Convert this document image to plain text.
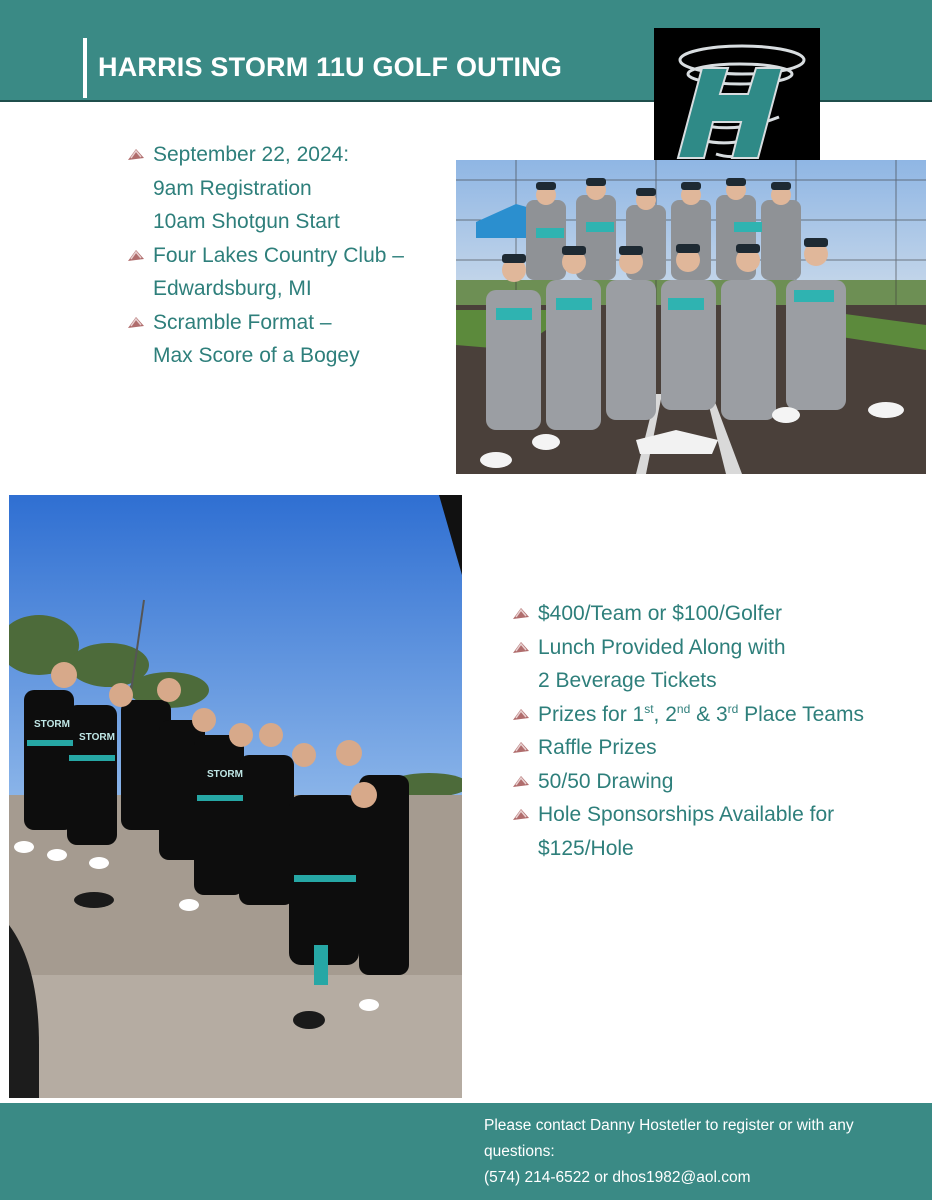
HARRIS STORM 11U GOLF OUTING
September 22, 2024:
9am Registration
10am Shotgun Start
Four Lakes Country Club –
Edwardsburg, MI
Scramble Format –
Max Score of a Bogey
STORM
STORM
STORM
$400/Team or $100/Golfer
Lunch Provided Along with
2 Beverage Tickets
Prizes for 1st, 2nd & 3rd Place Teams
Raffle Prizes
50/50 Drawing
Hole Sponsorships Available for
$125/Hole
Please contact Danny Hostetler to register or with any
questions:
(574) 214-6522 or dhos1982@aol.com
